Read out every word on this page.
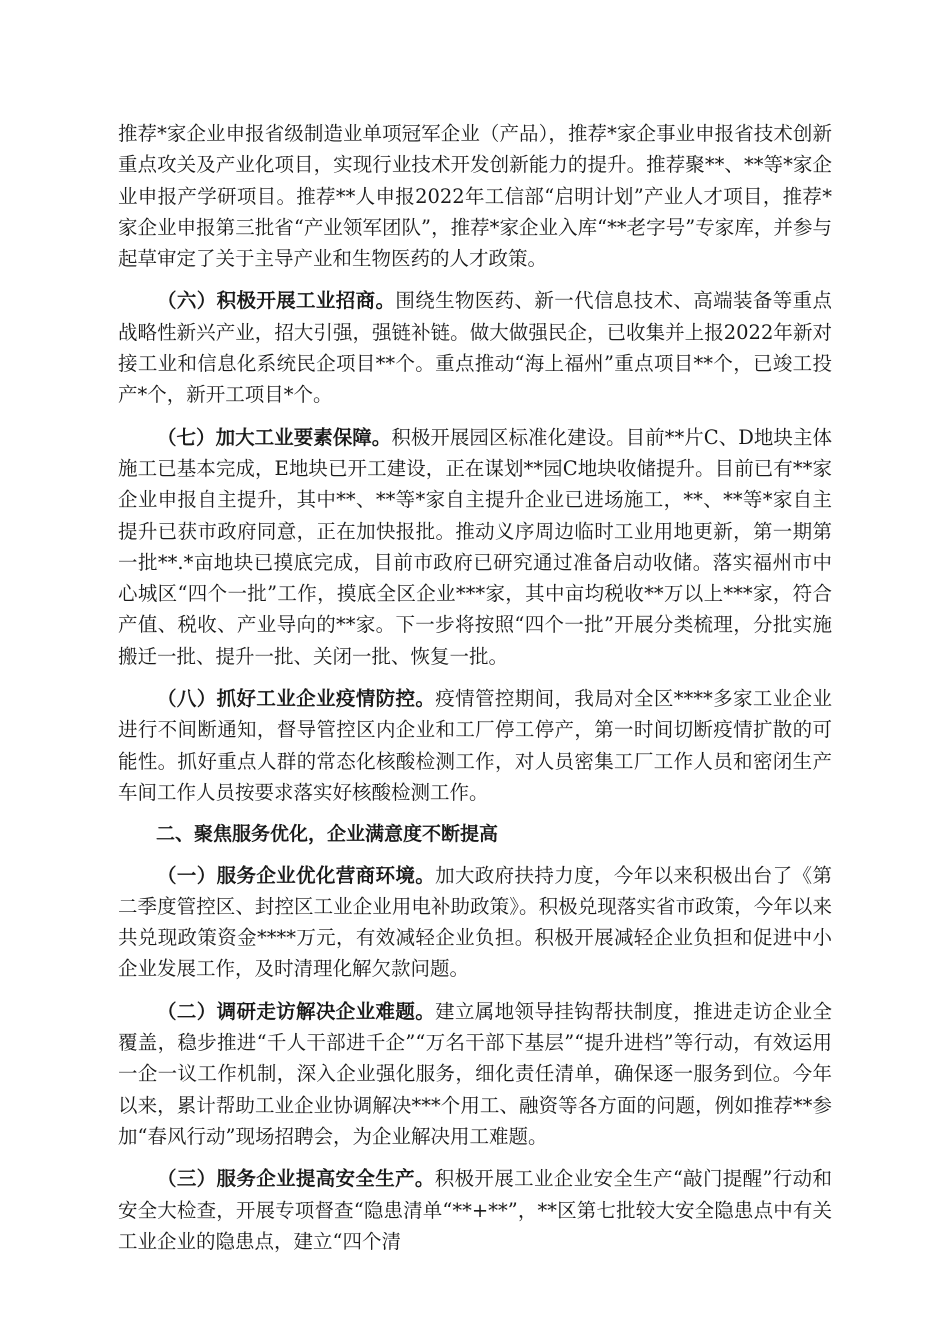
推荐*家企业申报省级制造业单项冠军企业（产品），推荐*家企事业申报省技术创新重点攻关及产业化项目，实现行业技术开发创新能力的提升。推荐聚**、**等*家企业申报产学研项目。推荐**人申报2022年工信部“启明计划”产业人才项目，推荐*家企业申报第三批省“产业领军团队”，推荐*家企业入库“**老字号”专家库，并参与起草审定了关于主导产业和生物医药的人才政策。

（六）积极开展工业招商。围绕生物医药、新一代信息技术、高端装备等重点战略性新兴产业，招大引强，强链补链。做大做强民企，已收集并上报2022年新对接工业和信息化系统民企项目**个。重点推动“海上福州”重点项目**个，已竣工投产*个，新开工项目*个。

（七）加大工业要素保障。积极开展园区标准化建设。目前**片C、D地块主体施工已基本完成，E地块已开工建设，正在谋划**园C地块收储提升。目前已有**家企业申报自主提升，其中**、**等*家自主提升企业已进场施工，**、**等*家自主提升已获市政府同意，正在加快报批。推动义序周边临时工业用地更新，第一期第一批**.*亩地块已摸底完成，目前市政府已研究通过准备启动收储。落实福州市中心城区“四个一批”工作，摸底全区企业***家，其中亩均税收**万以上***家，符合产值、税收、产业导向的**家。下一步将按照“四个一批”开展分类梳理，分批实施搬迁一批、提升一批、关闭一批、恢复一批。

（八）抓好工业企业疫情防控。疫情管控期间，我局对全区****多家工业企业进行不间断通知，督导管控区内企业和工厂停工停产，第一时间切断疫情扩散的可能性。抓好重点人群的常态化核酸检测工作，对人员密集工厂工作人员和密闭生产车间工作人员按要求落实好核酸检测工作。

二、聚焦服务优化，企业满意度不断提高

（一）服务企业优化营商环境。加大政府扶持力度，今年以来积极出台了《第二季度管控区、封控区工业企业用电补助政策》。积极兑现落实省市政策，今年以来共兑现政策资金****万元，有效减轻企业负担。积极开展减轻企业负担和促进中小企业发展工作，及时清理化解欠款问题。

（二）调研走访解决企业难题。建立属地领导挂钩帮扶制度，推进走访企业全覆盖，稳步推进“千人干部进千企”“万名干部下基层”“提升进档”等行动，有效运用一企一议工作机制，深入企业强化服务，细化责任清单，确保逐一服务到位。今年以来，累计帮助工业企业协调解决***个用工、融资等各方面的问题，例如推荐**参加“春风行动”现场招聘会，为企业解决用工难题。

（三）服务企业提高安全生产。积极开展工业企业安全生产“敲门提醒”行动和安全大检查，开展专项督查“隐患清单“**+**”，**区第七批较大安全隐患点中有关工业企业的隐患点，建立“四个清
